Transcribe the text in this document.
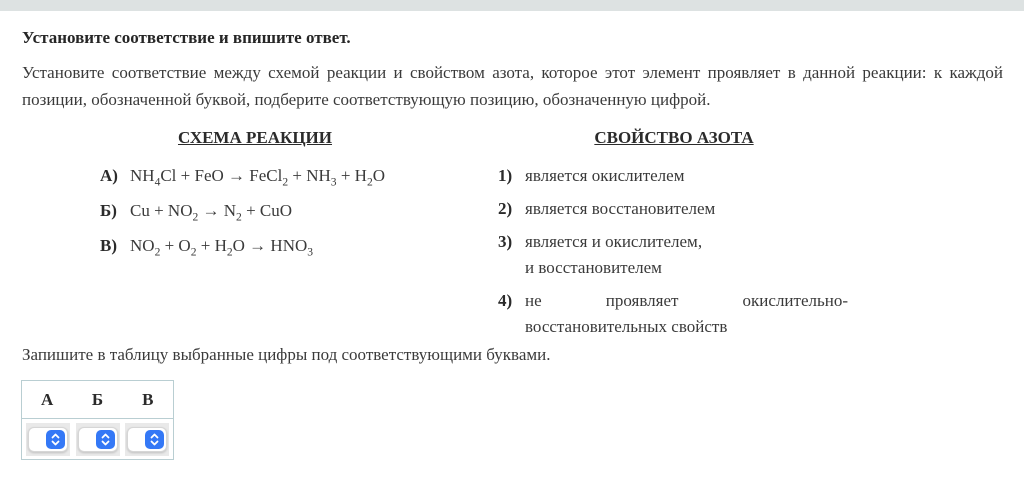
Установите соответствие и впишите ответ.
Установите соответствие между схемой реакции и свойством азота, которое этот элемент проявляет в данной реакции: к каждой позиции, обозначенной буквой, подберите соответствующую позицию, обозначенную цифрой.
СХЕМА РЕАКЦИИ
А) $NH_4Cl$ + FeO → FeCl$_2$ + $NH_3 + H_2O$
Б) $Cu + NO_2 \to N_2$ + CuO
В) $NO_2 + O_2 + H_2O \to HNO_3$
СВОЙСТВО АЗОТА
1) является окислителем
2) является восстановителем
3) является и окислителем,
и восстановителем
4) не проявляет окислительно-
восстановительных свойств
Запишите в таблицу выбранные цифры под соответствующими буквами.
А	Б	В
